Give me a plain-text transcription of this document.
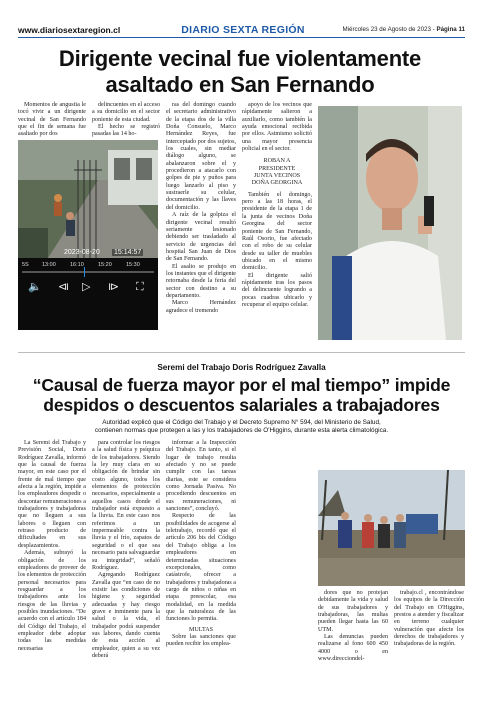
www.diariosextaregion.cl	DIARIO SEXTA REGIÓN	Miércoles 23 de Agosto de 2023 - Página 11
Dirigente vecinal fue violentamente
asaltado en San Fernando

Momentos de angustia le tocó vivir a un dirigente vecinal de San Fernando que el fin de semana fue asaltado por dos

delincuentes en el acceso a su domicilio en el sector poniente de esta ciudad.

El hecho se registró pasadas las 14 ho-

2023-08-20 15:14:57
5S 13:00	16:10	15:20	15:30
🔈 ⧏ ▷ ⧐ ⛶

ras del domingo cuando el secretario administrativo de la etapa dos de la villa Doña Consuelo, Marco Hernández Reyes, fue interceptado por dos sujetos, los cuales, sin mediar diálogo alguno, se abalanzaron sobre el y procedieron a atacarlo con golpes de pie y puños para luego lanzarlo al piso y sustraerle su celular, documentación y las llaves del domicilio.

A raíz de la golpiza el dirigente vecinal resultó seriamente lesionado debiendo ser trasladado al servicio de urgencias del hospital San Juan de Dios de San Fernando.

El asalto se produjo en los instantes que el dirigente retornaba desde la feria del sector con destino a su departamento.

Marco Hernández agradece el tremendo

apoyo de los vecinos que rápidamente salieron a auxiliarlo, como también la ayuda emocional recibida por ellos. Asimismo solicitó una mayor presencia policial en el sector.

ROBAN A

PRESIDENTE

JUNTA VECINOS

DOÑA GEORGINA

También el domingo, pero a las 18 horas, el presidente de la etapa 1 de la junta de vecinos Doña Georgina del sector poniente de San Fernando, Raúl Osorio, fue afectado con el robo de su celular desde su taller de muebles ubicado en el mismo domicilio.

El dirigente salió rápidamente tras los pasos del delincuente logrando a pocas cuadras ubicarlo y recuperar el equipo celular.

Seremi del Trabajo Doris Rodríguez Zavalla
“Causal de fuerza mayor por el mal tiempo” impide
despidos o descuentos salariales a trabajadores
Autoridad explicó que el Código del Trabajo y el Decreto Supremo N° 594, del Ministerio de Salud,
contienen normas que protegen a las y los trabajadores de O'Higgins, durante esta alerta climatológica.

La Seremi del Trabajo y Previsión Social, Doris Rodríguez Zavalla, informó que la causal de fuerza mayor, en este caso por el frente de mal tiempo que afecta a la región, impide a los empleadores despedir o descontar remuneraciones a trabajadores y trabajadoras que no lleguen a sus labores o lleguen con retraso producto de dificultades en sus desplazamientos.

Además, subrayó la obligación de los empleadores de proveer de los elementos de protección personal necesarios para resguardar a los trabajadores ante los riesgos de las lluvias y posibles inundaciones. “De acuerdo con el artículo 184 del Código del Trabajo, el empleador debe adoptar todas las medidas necesarias

para controlar los riesgos a la salud física y psíquica de los trabajadores. Siendo la ley muy clara en su obligación de brindar sin costo alguno, todos los elementos de protección necesarios, especialmente a aquellos casos donde el trabajador está expuesto a la lluvia. En este caso nos referimos a un impermeable contra la lluvia y el frío, zapatos de seguridad o el que sea necesario para salvaguardar su integridad”, señaló Rodríguez.

Agregando Rodríguez Zavalla que “en caso de no existir las condiciones de higiene y seguridad adecuadas y hay riesgo grave e inminente para la salud o la vida, el trabajador podrá suspender sus labores, dando cuenta de esta acción al empleador, quien a su vez deberá

informar a la Inspección del Trabajo. En tanto, si el lugar de trabajo resulta afectado y no se puede cumplir con las tareas diarias, este se considera como Jornada Pasiva. No procediendo descuentos en sus remuneraciones, ni sanciones”, concluyó.

Respecto de las posibilidades de acogerse al teletrabajo, recordó que el artículo 206 bis del Código del Trabajo obliga a los empleadores en determinadas situaciones excepcionales, como catástrofe, ofrecer a trabajadores y trabajadoras a cargo de niños o niñas en etapa preescolar, esa modalidad, en la medida que la naturaleza de las funciones lo permita.

MULTAS

Sobre las sanciones que pueden recibir los emplea-

dores que no protejan debidamente la vida y salud de sus trabajadores y trabajadoras, las multas pueden llegar hasta las 60 UTM.

Las denuncias pueden realizarse al fono 600 450 4000 o en www.direcciondel-

trabajo.cl , encontrándose los equipos de la Dirección del Trabajo en O'Higgins, prestos a atender y fiscalizar en terreno cualquier vulneración que afecte los derechos de trabajadores y trabajadoras de la región.
